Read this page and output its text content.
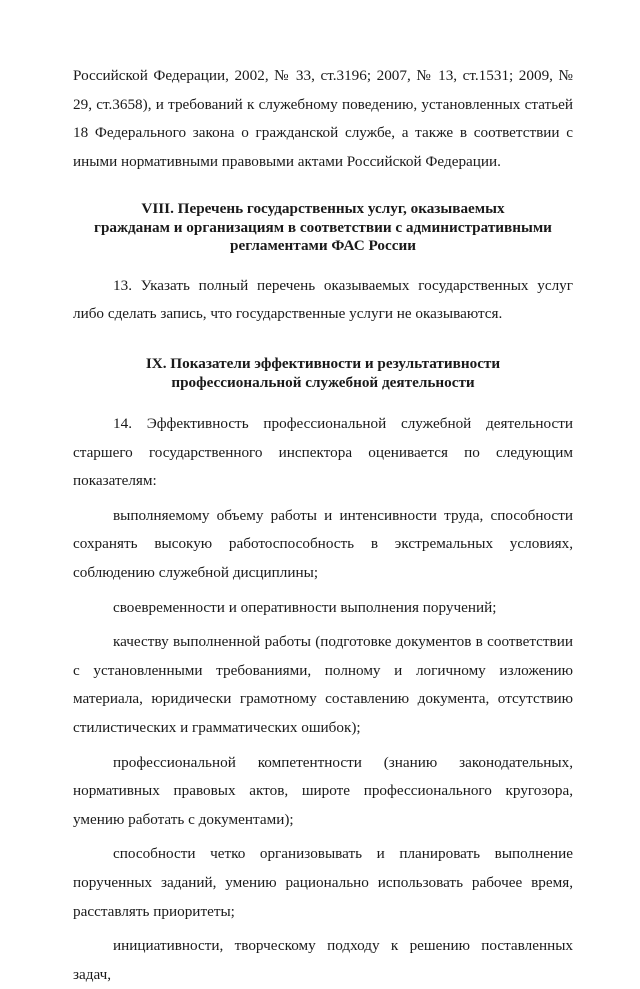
Российской Федерации, 2002, № 33, ст.3196; 2007, № 13, ст.1531; 2009, № 29, ст.3658), и требований к служебному поведению, установленных статьей 18 Федерального закона о гражданской службе, а также в соответствии с иными нормативными правовыми актами Российской Федерации.

VIII. Перечень государственных услуг, оказываемых
гражданам и организациям в соответствии с административными
регламентами ФАС России

13. Указать полный перечень оказываемых государственных услуг либо сделать запись, что государственные услуги не оказываются.

IX. Показатели эффективности и результативности
профессиональной служебной деятельности

14. Эффективность профессиональной служебной деятельности старшего государственного инспектора оценивается по следующим показателям:

выполняемому объему работы и интенсивности труда, способности сохранять высокую работоспособность в экстремальных условиях, соблюдению служебной дисциплины;

своевременности и оперативности выполнения поручений;

качеству выполненной работы (подготовке документов в соответствии с установленными требованиями, полному и логичному изложению материала, юридически грамотному составлению документа, отсутствию стилистических и грамматических ошибок);

профессиональной компетентности (знанию законодательных, нормативных правовых актов, широте профессионального кругозора, умению работать с документами);

способности четко организовывать и планировать выполнение порученных заданий, умению рационально использовать рабочее время, расставлять приоритеты;

инициативности, творческому подходу к решению поставленных задач,
